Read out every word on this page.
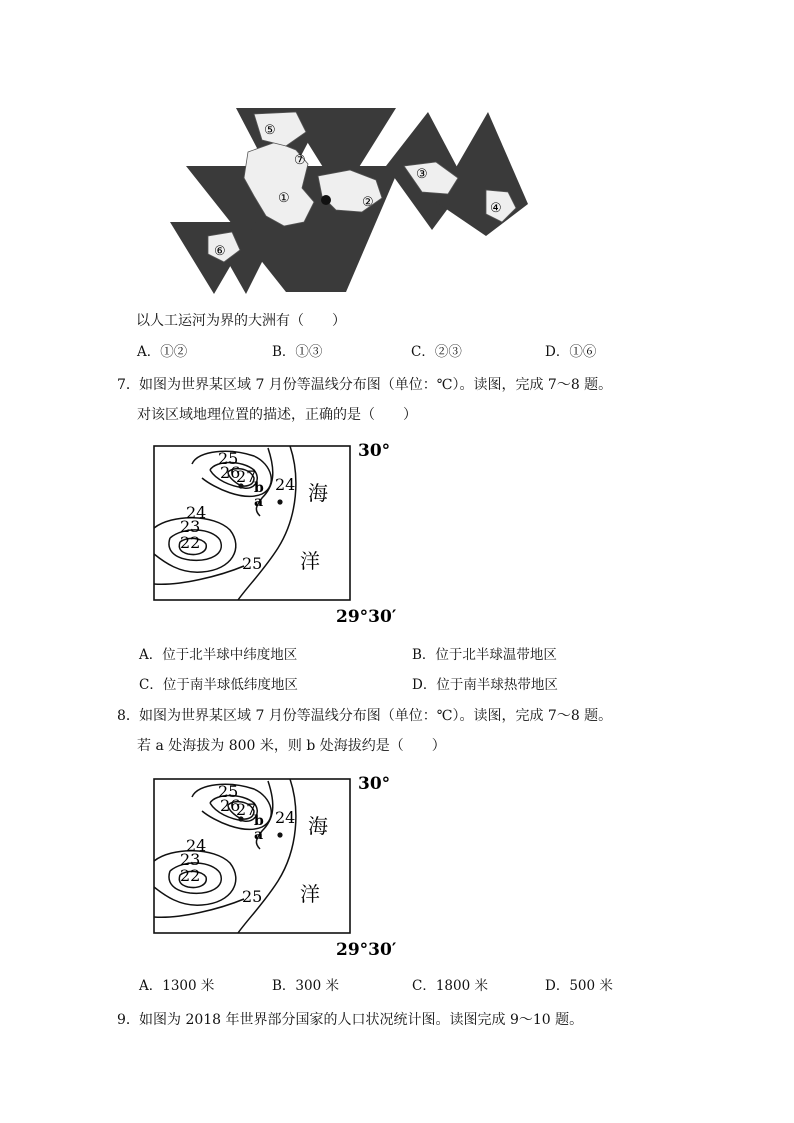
⑤
⑦
①	②
③
④
⑥
以人工运河为界的大洲有（　　）
A．①②	B．①③	C．②③	D．①⑥
7． 如图为世界某区域 7 月份等温线分布图（单位：℃）。读图，完成 7～8 题。
对该区域地理位置的描述，正确的是（　　）
25
26
27 24
24
23
22
25
a
b 海
洋
30°
29°30′
A．位于北半球中纬度地区	B．位于北半球温带地区
C．位于南半球低纬度地区	D．位于南半球热带地区
8． 如图为世界某区域 7 月份等温线分布图（单位：℃）。读图，完成 7～8 题。
若 a 处海拔为 800 米，则 b 处海拔约是（　　）
25
26
27 24
24
23
22
25
a
b 海
洋
30°
29°30′
A．1300 米	B．300 米	C．1800 米	D．500 米
9． 如图为 2018 年世界部分国家的人口状况统计图。读图完成 9～10 题。
